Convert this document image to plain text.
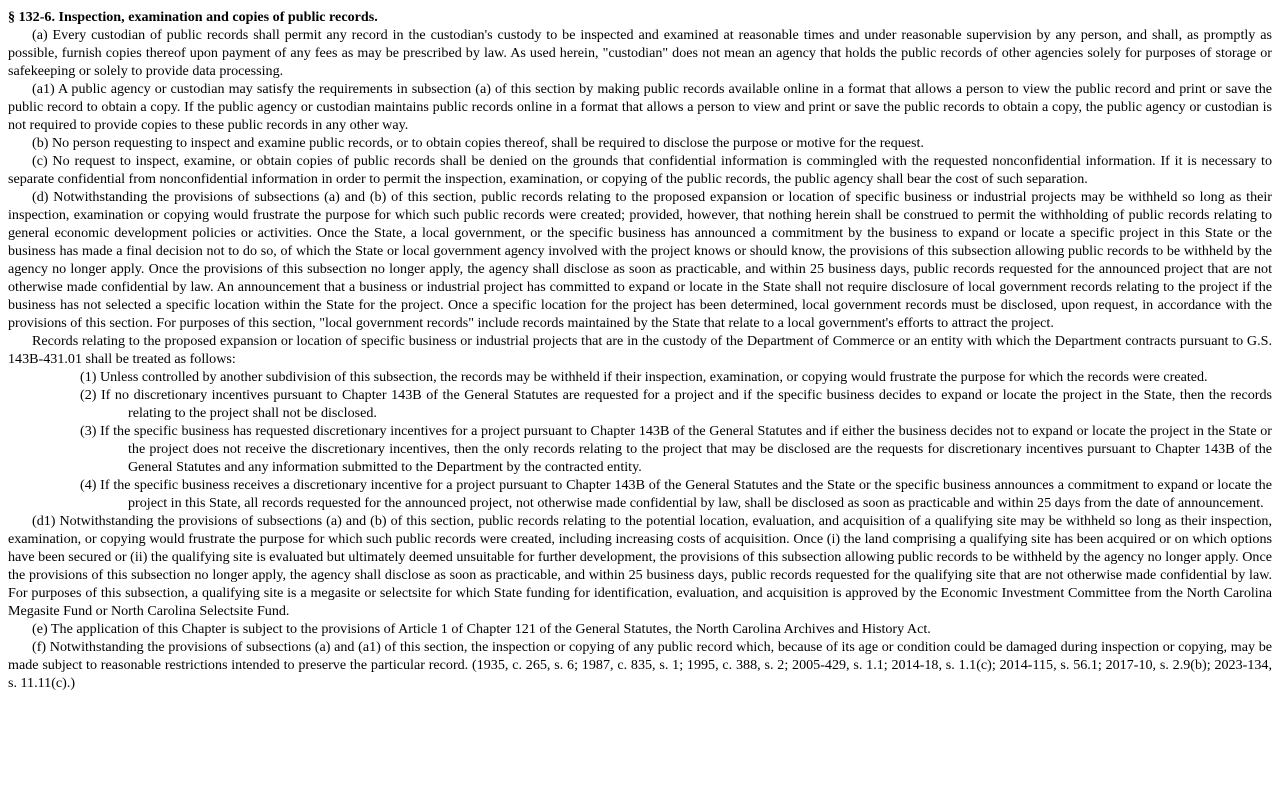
§ 132-6. Inspection, examination and copies of public records.

(a) Every custodian of public records shall permit any record in the custodian's custody to be inspected and examined at reasonable times and under reasonable supervision by any person, and shall, as promptly as possible, furnish copies thereof upon payment of any fees as may be prescribed by law. As used herein, "custodian" does not mean an agency that holds the public records of other agencies solely for purposes of storage or safekeeping or solely to provide data processing.

(a1) A public agency or custodian may satisfy the requirements in subsection (a) of this section by making public records available online in a format that allows a person to view the public record and print or save the public record to obtain a copy. If the public agency or custodian maintains public records online in a format that allows a person to view and print or save the public records to obtain a copy, the public agency or custodian is not required to provide copies to these public records in any other way.

(b) No person requesting to inspect and examine public records, or to obtain copies thereof, shall be required to disclose the purpose or motive for the request.

(c) No request to inspect, examine, or obtain copies of public records shall be denied on the grounds that confidential information is commingled with the requested nonconfidential information. If it is necessary to separate confidential from nonconfidential information in order to permit the inspection, examination, or copying of the public records, the public agency shall bear the cost of such separation.

(d) Notwithstanding the provisions of subsections (a) and (b) of this section, public records relating to the proposed expansion or location of specific business or industrial projects may be withheld so long as their inspection, examination or copying would frustrate the purpose for which such public records were created; provided, however, that nothing herein shall be construed to permit the withholding of public records relating to general economic development policies or activities. Once the State, a local government, or the specific business has announced a commitment by the business to expand or locate a specific project in this State or the business has made a final decision not to do so, of which the State or local government agency involved with the project knows or should know, the provisions of this subsection allowing public records to be withheld by the agency no longer apply. Once the provisions of this subsection no longer apply, the agency shall disclose as soon as practicable, and within 25 business days, public records requested for the announced project that are not otherwise made confidential by law. An announcement that a business or industrial project has committed to expand or locate in the State shall not require disclosure of local government records relating to the project if the business has not selected a specific location within the State for the project. Once a specific location for the project has been determined, local government records must be disclosed, upon request, in accordance with the provisions of this section. For purposes of this section, "local government records" include records maintained by the State that relate to a local government's efforts to attract the project.

Records relating to the proposed expansion or location of specific business or industrial projects that are in the custody of the Department of Commerce or an entity with which the Department contracts pursuant to G.S. 143B-431.01 shall be treated as follows:

(1) Unless controlled by another subdivision of this subsection, the records may be withheld if their inspection, examination, or copying would frustrate the purpose for which the records were created.

(2) If no discretionary incentives pursuant to Chapter 143B of the General Statutes are requested for a project and if the specific business decides to expand or locate the project in the State, then the records relating to the project shall not be disclosed.

(3) If the specific business has requested discretionary incentives for a project pursuant to Chapter 143B of the General Statutes and if either the business decides not to expand or locate the project in the State or the project does not receive the discretionary incentives, then the only records relating to the project that may be disclosed are the requests for discretionary incentives pursuant to Chapter 143B of the General Statutes and any information submitted to the Department by the contracted entity.

(4) If the specific business receives a discretionary incentive for a project pursuant to Chapter 143B of the General Statutes and the State or the specific business announces a commitment to expand or locate the project in this State, all records requested for the announced project, not otherwise made confidential by law, shall be disclosed as soon as practicable and within 25 days from the date of announcement.

(d1) Notwithstanding the provisions of subsections (a) and (b) of this section, public records relating to the potential location, evaluation, and acquisition of a qualifying site may be withheld so long as their inspection, examination, or copying would frustrate the purpose for which such public records were created, including increasing costs of acquisition. Once (i) the land comprising a qualifying site has been acquired or on which options have been secured or (ii) the qualifying site is evaluated but ultimately deemed unsuitable for further development, the provisions of this subsection allowing public records to be withheld by the agency no longer apply. Once the provisions of this subsection no longer apply, the agency shall disclose as soon as practicable, and within 25 business days, public records requested for the qualifying site that are not otherwise made confidential by law. For purposes of this subsection, a qualifying site is a megasite or selectsite for which State funding for identification, evaluation, and acquisition is approved by the Economic Investment Committee from the North Carolina Megasite Fund or North Carolina Selectsite Fund.

(e) The application of this Chapter is subject to the provisions of Article 1 of Chapter 121 of the General Statutes, the North Carolina Archives and History Act.

(f) Notwithstanding the provisions of subsections (a) and (a1) of this section, the inspection or copying of any public record which, because of its age or condition could be damaged during inspection or copying, may be made subject to reasonable restrictions intended to preserve the particular record. (1935, c. 265, s. 6; 1987, c. 835, s. 1; 1995, c. 388, s. 2; 2005-429, s. 1.1; 2014-18, s. 1.1(c); 2014-115, s. 56.1; 2017-10, s. 2.9(b); 2023-134, s. 11.11(c).)
